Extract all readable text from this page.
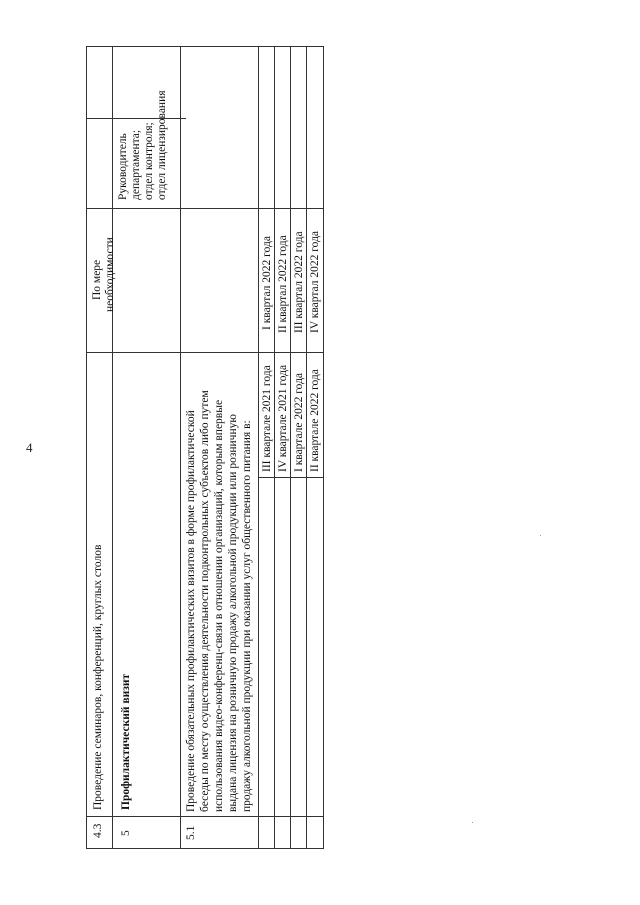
4
4.3
Проведение семинаров, конференций, круглых столов
По мере необходимости
Руководитель департамента; отдел контроля; отдел лицензирования
5
Профилактический визит
5.1
Проведение обязательных профилактических визитов в форме профилактической беседы по месту осуществления деятельности подконтрольных субъектов либо путем использования видео-конференц-связи в отношении организаций, которым впервые выдана лицензия на розничную продажу алкогольной продукции или розничную продажу алкогольной продукции при оказании услуг общественного питания в:
III квартале 2021 года
I квартал 2022 года
IV квартале 2021 года
II квартал 2022 года
I квартале 2022 года
III квартал 2022 года
II квартале 2022 года
IV квартал 2022 года
